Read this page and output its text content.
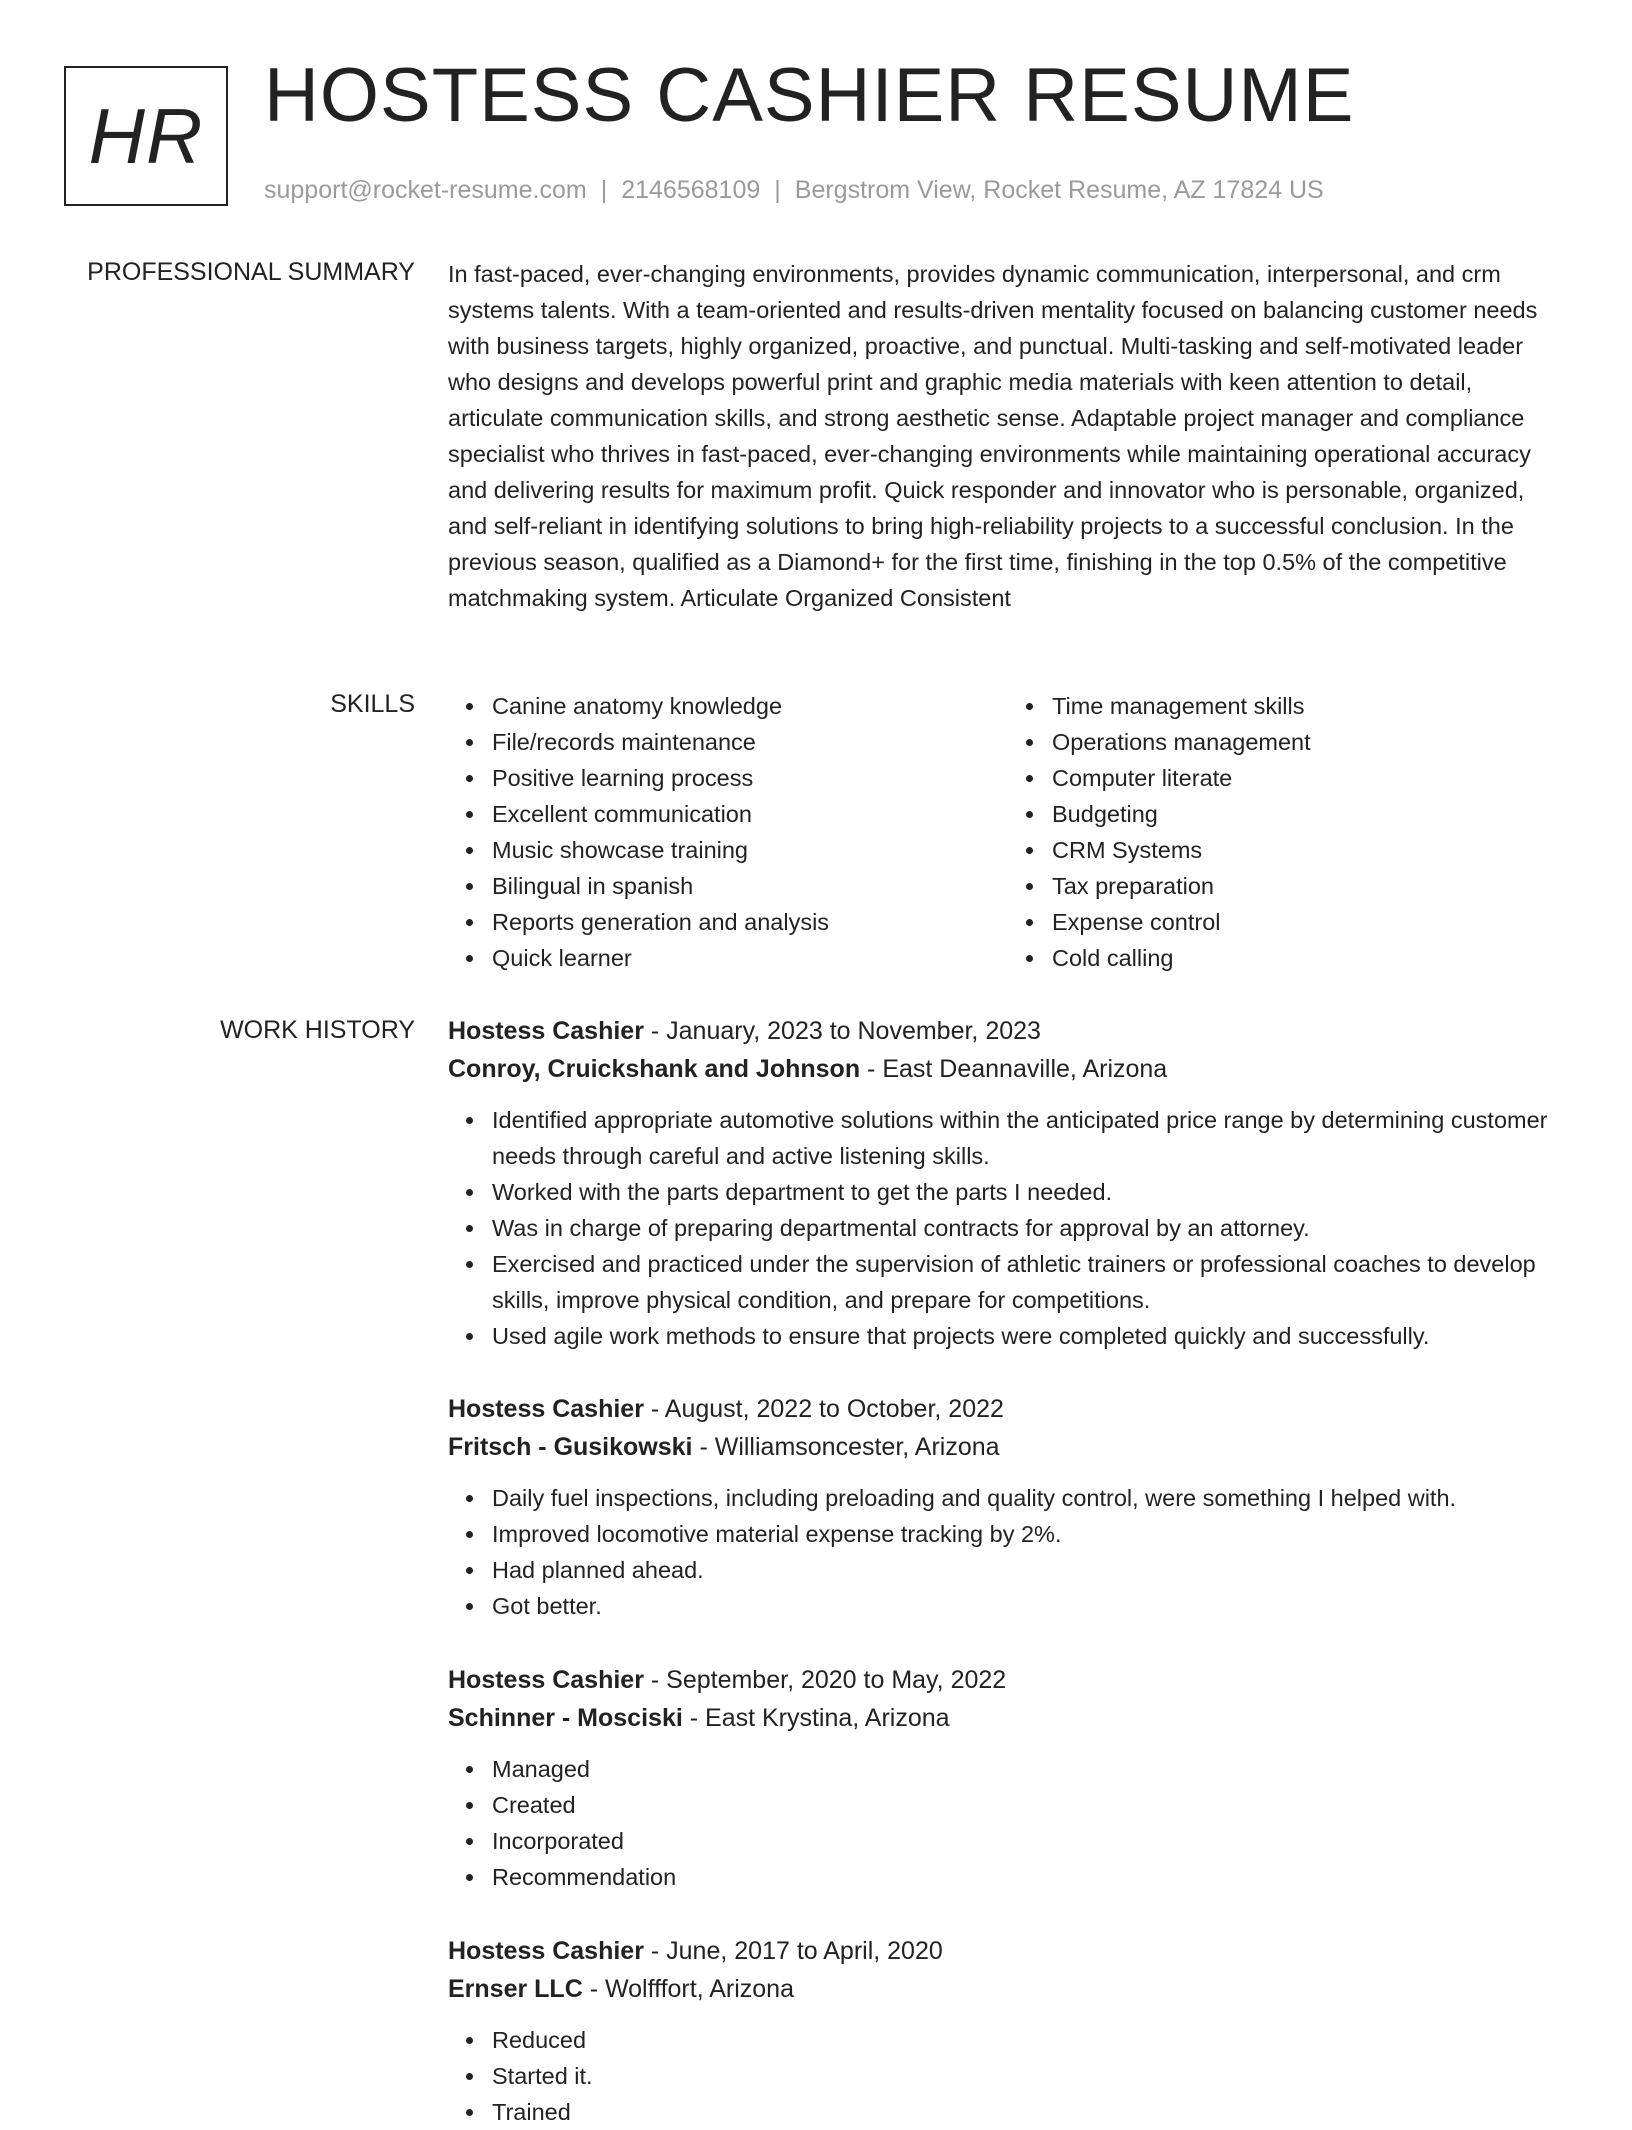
HR HOSTESS CASHIER RESUME
support@rocket-resume.com | 2146568109 | Bergstrom View, Rocket Resume, AZ 17824 US
PROFESSIONAL SUMMARY In fast-paced, ever-changing environments, provides dynamic communication, interpersonal, and crm systems talents. With a team-oriented and results-driven mentality focused on balancing customer needs with business targets, highly organized, proactive, and punctual. Multi-tasking and self-motivated leader who designs and develops powerful print and graphic media materials with keen attention to detail, articulate communication skills, and strong aesthetic sense. Adaptable project manager and compliance specialist who thrives in fast-paced, ever-changing environments while maintaining operational accuracy and delivering results for maximum profit. Quick responder and innovator who is personable, organized, and self-reliant in identifying solutions to bring high-reliability projects to a successful conclusion. In the previous season, qualified as a Diamond+ for the first time, finishing in the top 0.5% of the competitive matchmaking system. Articulate Organized Consistent

SKILLS	Canine anatomy knowledge
File/records maintenance
Positive learning process
Excellent communication
Music showcase training
Bilingual in spanish
Reports generation and analysis
Quick learner
Time management skills
Operations management
Computer literate
Budgeting
CRM Systems
Tax preparation
Expense control
Cold calling
WORK HISTORY Hostess Cashier - January, 2023 to November, 2023
Conroy, Cruickshank and Johnson - East Deannaville, Arizona
Identified appropriate automotive solutions within the anticipated price range by determining customer needs through careful and active listening skills.
Worked with the parts department to get the parts I needed.
Was in charge of preparing departmental contracts for approval by an attorney.
Exercised and practiced under the supervision of athletic trainers or professional coaches to develop skills, improve physical condition, and prepare for competitions.
Used agile work methods to ensure that projects were completed quickly and successfully.
Hostess Cashier - August, 2022 to October, 2022
Fritsch - Gusikowski - Williamsoncester, Arizona
Daily fuel inspections, including preloading and quality control, were something I helped with.
Improved locomotive material expense tracking by 2%.
Had planned ahead.
Got better.
Hostess Cashier - September, 2020 to May, 2022
Schinner - Mosciski - East Krystina, Arizona
Managed
Created
Incorporated
Recommendation
Hostess Cashier - June, 2017 to April, 2020
Ernser LLC - Wolfffort, Arizona
Reduced
Started it.
Trained
